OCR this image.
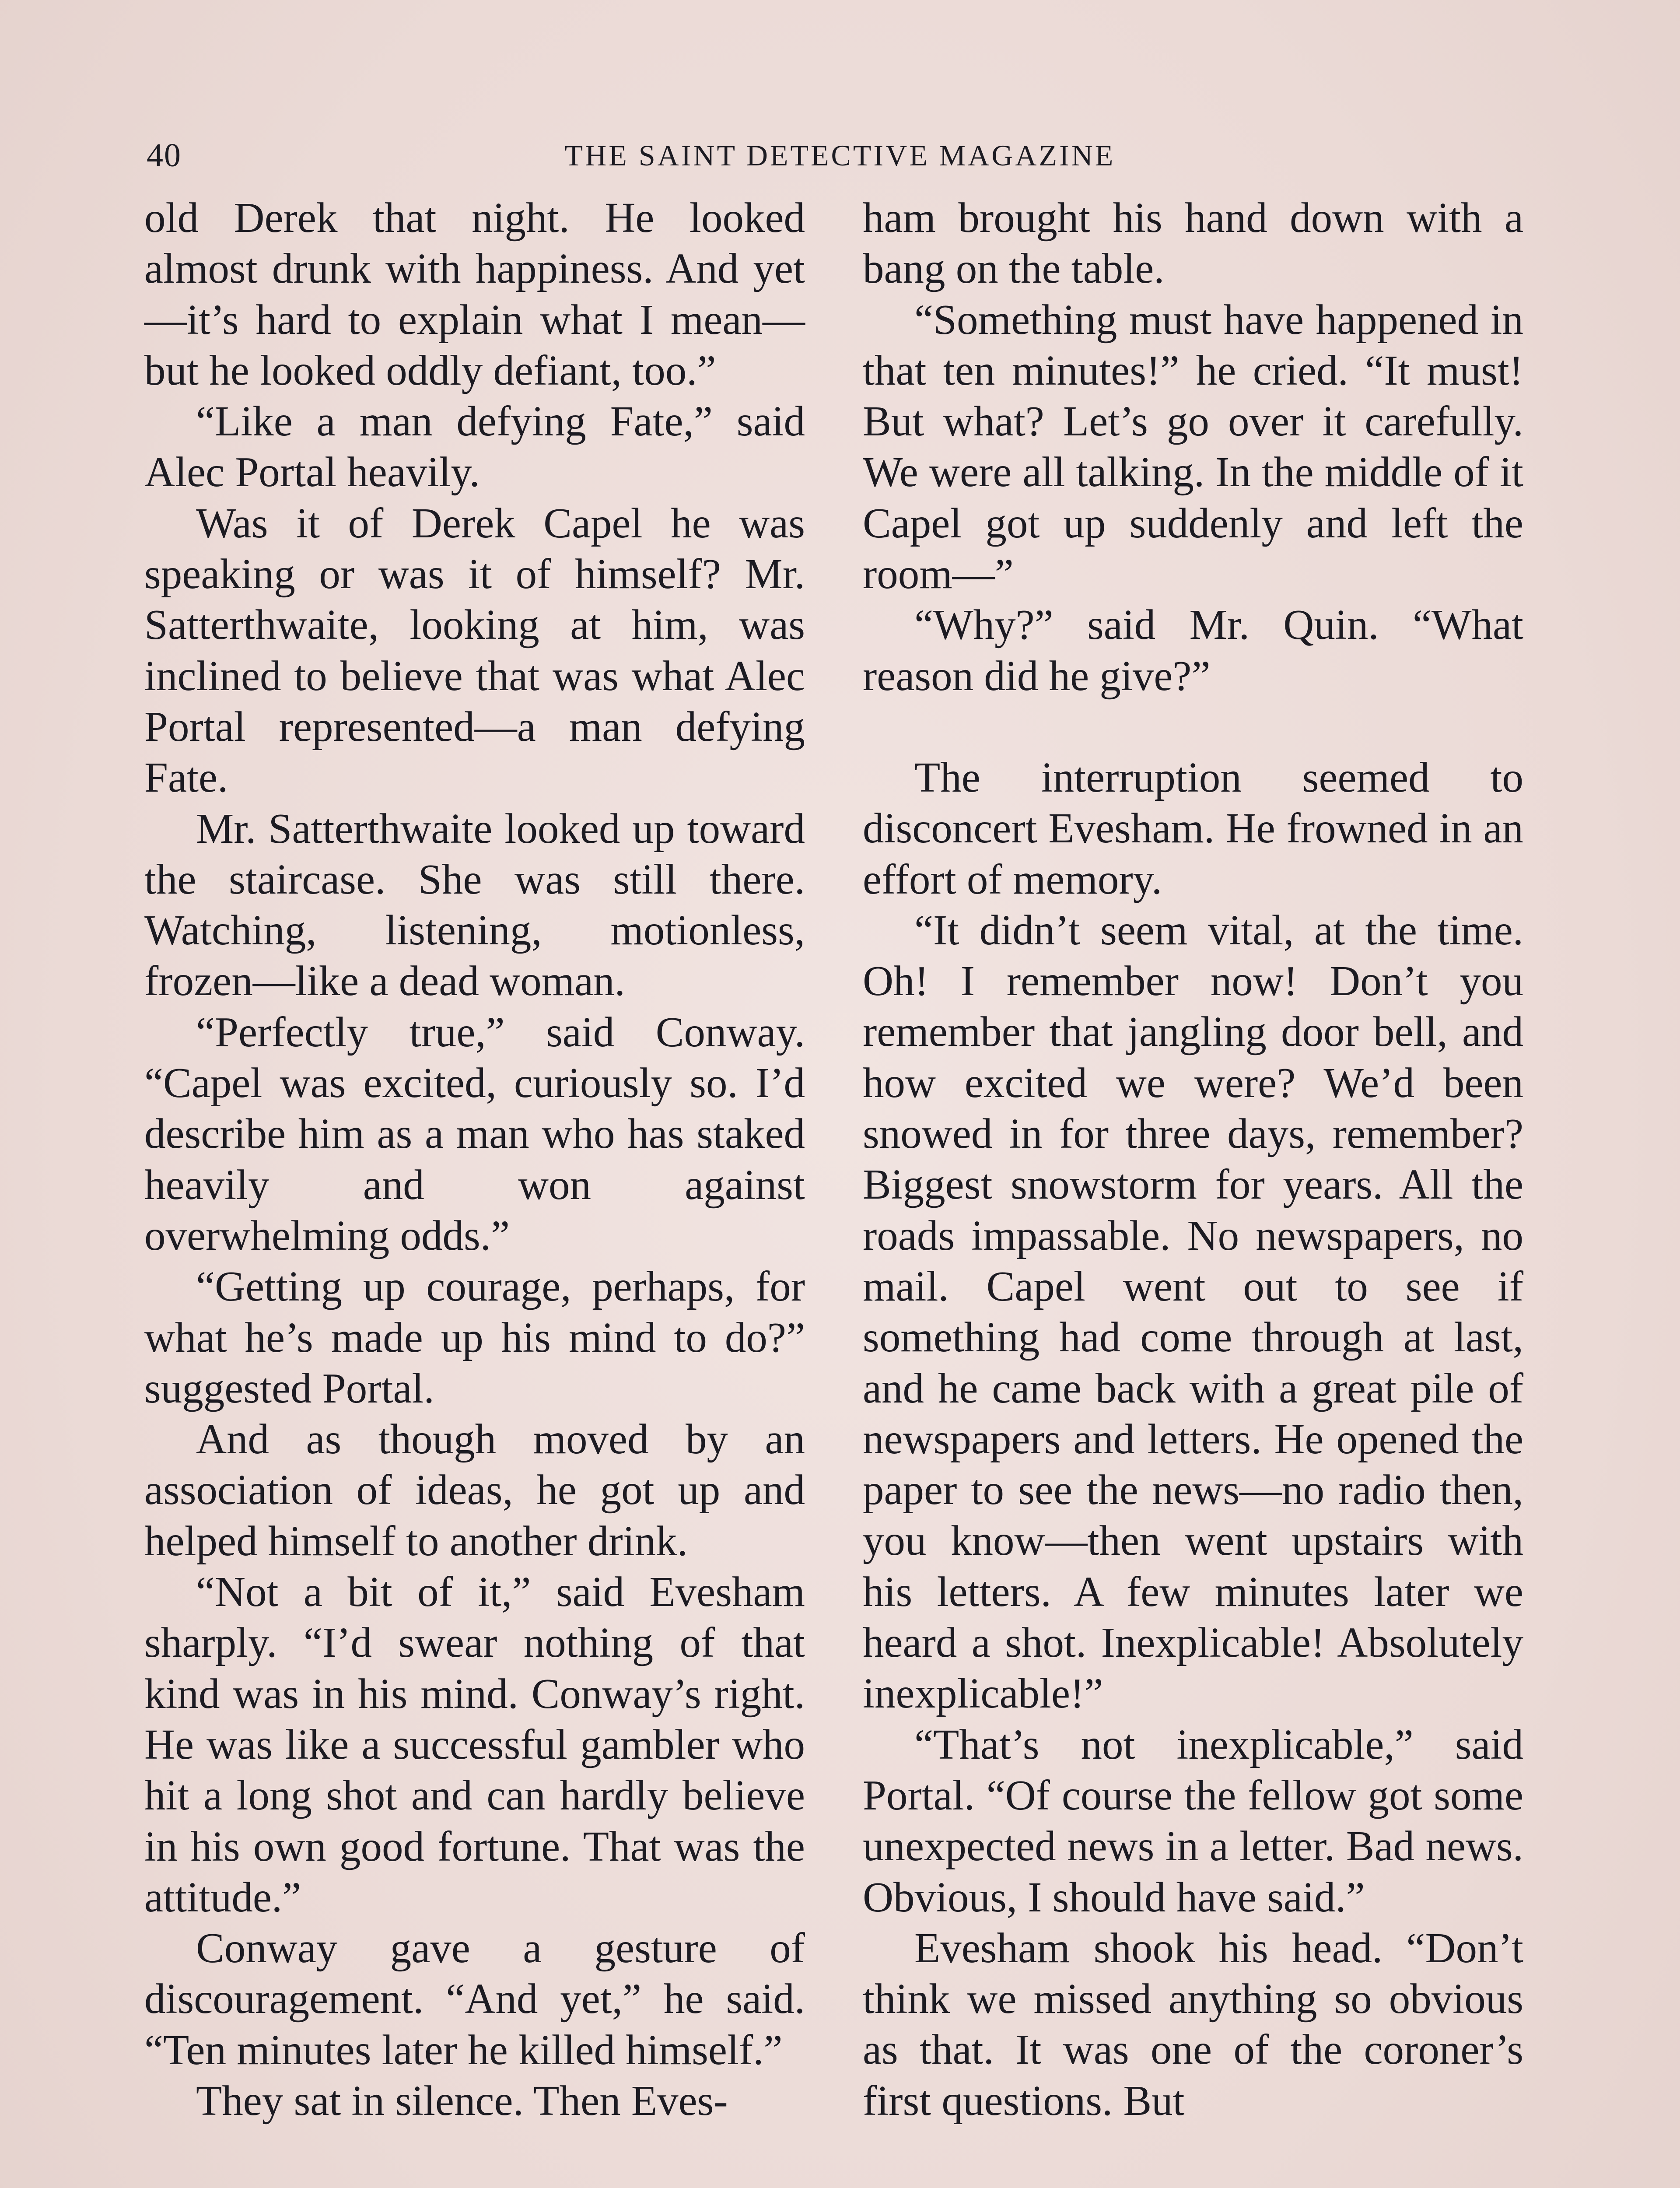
40	THE SAINT DETECTIVE MAGAZINE

old Derek that night. He looked almost drunk with happiness. And yet—it’s hard to explain what I mean—but he looked oddly defiant, too.”

“Like a man defying Fate,” said Alec Portal heavily.

Was it of Derek Capel he was speaking or was it of himself? Mr. Satterthwaite, looking at him, was inclined to believe that was what Alec Portal represented—a man defying Fate.

Mr. Satterthwaite looked up toward the staircase. She was still there. Watching, listening, motionless, frozen—like a dead woman.

“Perfectly true,” said Conway. “Capel was excited, curiously so. I’d describe him as a man who has staked heavily and won against overwhelming odds.”

“Getting up courage, perhaps, for what he’s made up his mind to do?” suggested Portal.

And as though moved by an association of ideas, he got up and helped himself to another drink.

“Not a bit of it,” said Evesham sharply. “I’d swear nothing of that kind was in his mind. Conway’s right. He was like a successful gambler who hit a long shot and can hardly believe in his own good fortune. That was the attitude.”

Conway gave a gesture of discouragement. “And yet,” he said. “Ten minutes later he killed himself.”

They sat in silence. Then Eves-

ham brought his hand down with a bang on the table.

“Something must have happened in that ten minutes!” he cried. “It must! But what? Let’s go over it carefully. We were all talking. In the middle of it Capel got up suddenly and left the room—”

“Why?” said Mr. Quin. “What reason did he give?”

The interruption seemed to disconcert Evesham. He frowned in an effort of memory.

“It didn’t seem vital, at the time. Oh! I remember now! Don’t you remember that jangling door bell, and how excited we were? We’d been snowed in for three days, remember? Biggest snowstorm for years. All the roads impassable. No newspapers, no mail. Capel went out to see if something had come through at last, and he came back with a great pile of newspapers and letters. He opened the paper to see the news—no radio then, you know—then went upstairs with his letters. A few minutes later we heard a shot. Inexplicable! Absolutely inexplicable!”

“That’s not inexplicable,” said Portal. “Of course the fellow got some unexpected news in a letter. Bad news. Obvious, I should have said.”

Evesham shook his head. “Don’t think we missed anything so obvious as that. It was one of the coroner’s first questions. But
